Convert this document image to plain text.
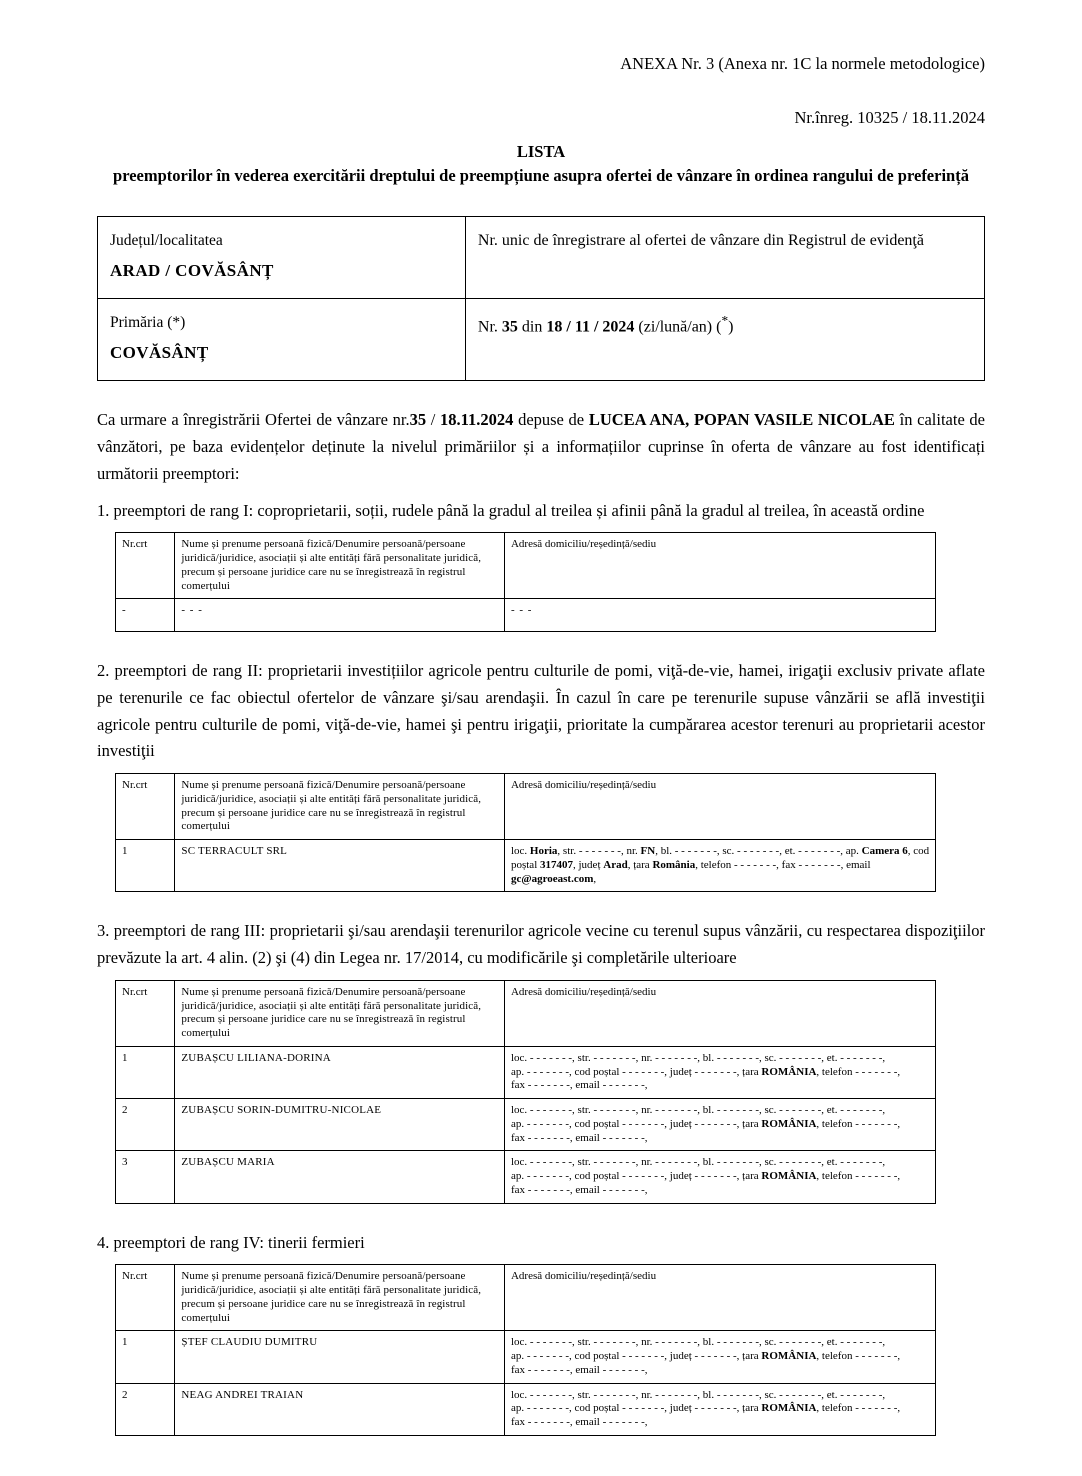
ANEXA Nr. 3 (Anexa nr. 1C la normele metodologice)
Nr.înreg. 10325 / 18.11.2024
LISTA
preemptorilor în vederea exercitării dreptului de preempțiune asupra ofertei de vânzare în ordinea rangului de preferință
Județul/localitatea
ARAD / COVĂSÂNȚ	Nr. unic de înregistrare al ofertei de vânzare din Registrul de evidenţă

Primăria (*)
COVĂSÂNȚ	Nr. 35 din 18 / 11 / 2024 (zi/lună/an) (*)
Ca urmare a înregistrării Ofertei de vânzare nr.35 / 18.11.2024 depuse de LUCEA ANA, POPAN VASILE NICOLAE în calitate de vânzători, pe baza evidențelor deținute la nivelul primăriilor și a informațiilor cuprinse în oferta de vânzare au fost identificați următorii preemptori:
1. preemptori de rang I: coproprietarii, soții, rudele până la gradul al treilea și afinii până la gradul al treilea, în această ordine
Nr.crt	Nume și prenume persoană fizică/Denumire persoană/persoane juridică/juridice, asociații și alte entități fără personalitate juridică, precum și persoane juridice care nu se înregistrează în registrul comerțului	Adresă domiciliu/reședință/sediu
-	- - -	- - -
2. preemptori de rang II: proprietarii investițiilor agricole pentru culturile de pomi, viţă-de-vie, hamei, irigaţii exclusiv private aflate pe terenurile ce fac obiectul ofertelor de vânzare şi/sau arendaşii. În cazul în care pe terenurile supuse vânzării se află investiţii agricole pentru culturile de pomi, viţă-de-vie, hamei şi pentru irigaţii, prioritate la cumpărarea acestor terenuri au proprietarii acestor investiţii
Nr.crt	Nume și prenume persoană fizică/Denumire persoană/persoane juridică/juridice, asociații și alte entități fără personalitate juridică, precum și persoane juridice care nu se înregistrează în registrul comerțului	Adresă domiciliu/reședință/sediu
1	SC TERRACULT SRL	loc. Horia, str. - - - - - - -, nr. FN, bl. - - - - - - -, sc. - - - - - - -, et. - - - - - - -, ap. Camera 6, cod poștal 317407, județ Arad, țara România, telefon - - - - - - -, fax - - - - - - -, email gc@agroeast.com,
3. preemptori de rang III: proprietarii şi/sau arendaşii terenurilor agricole vecine cu terenul supus vânzării, cu respectarea dispoziţiilor prevăzute la art. 4 alin. (2) şi (4) din Legea nr. 17/2014, cu modificările şi completările ulterioare
Nr.crt	Nume și prenume persoană fizică/Denumire persoană/persoane juridică/juridice, asociații și alte entități fără personalitate juridică, precum și persoane juridice care nu se înregistrează în registrul comerțului	Adresă domiciliu/reședință/sediu
1	ZUBAȘCU LILIANA-DORINA	loc. - - - - - - -, str. - - - - - - -, nr. - - - - - - -, bl. - - - - - - -, sc. - - - - - - -, et. - - - - - - -,
ap. - - - - - - -, cod poștal - - - - - - -, județ - - - - - - -, țara ROMÂNIA, telefon - - - - - - -,
fax - - - - - - -, email - - - - - - -,

2	ZUBAȘCU SORIN-DUMITRU-NICOLAE	loc. - - - - - - -, str. - - - - - - -, nr. - - - - - - -, bl. - - - - - - -, sc. - - - - - - -, et. - - - - - - -,
ap. - - - - - - -, cod poștal - - - - - - -, județ - - - - - - -, țara ROMÂNIA, telefon - - - - - - -,
fax - - - - - - -, email - - - - - - -,

3	ZUBAȘCU MARIA	loc. - - - - - - -, str. - - - - - - -, nr. - - - - - - -, bl. - - - - - - -, sc. - - - - - - -, et. - - - - - - -,
ap. - - - - - - -, cod poștal - - - - - - -, județ - - - - - - -, țara ROMÂNIA, telefon - - - - - - -,
fax - - - - - - -, email - - - - - - -,
4. preemptori de rang IV: tinerii fermieri
Nr.crt	Nume și prenume persoană fizică/Denumire persoană/persoane juridică/juridice, asociații și alte entități fără personalitate juridică, precum și persoane juridice care nu se înregistrează în registrul comerțului	Adresă domiciliu/reședință/sediu
1	ȘTEF CLAUDIU DUMITRU	loc. - - - - - - -, str. - - - - - - -, nr. - - - - - - -, bl. - - - - - - -, sc. - - - - - - -, et. - - - - - - -,
ap. - - - - - - -, cod poștal - - - - - - -, județ - - - - - - -, țara ROMÂNIA, telefon - - - - - - -,
fax - - - - - - -, email - - - - - - -,

2	NEAG ANDREI TRAIAN	loc. - - - - - - -, str. - - - - - - -, nr. - - - - - - -, bl. - - - - - - -, sc. - - - - - - -, et. - - - - - - -,
ap. - - - - - - -, cod poștal - - - - - - -, județ - - - - - - -, țara ROMÂNIA, telefon - - - - - - -,
fax - - - - - - -, email - - - - - - -,
